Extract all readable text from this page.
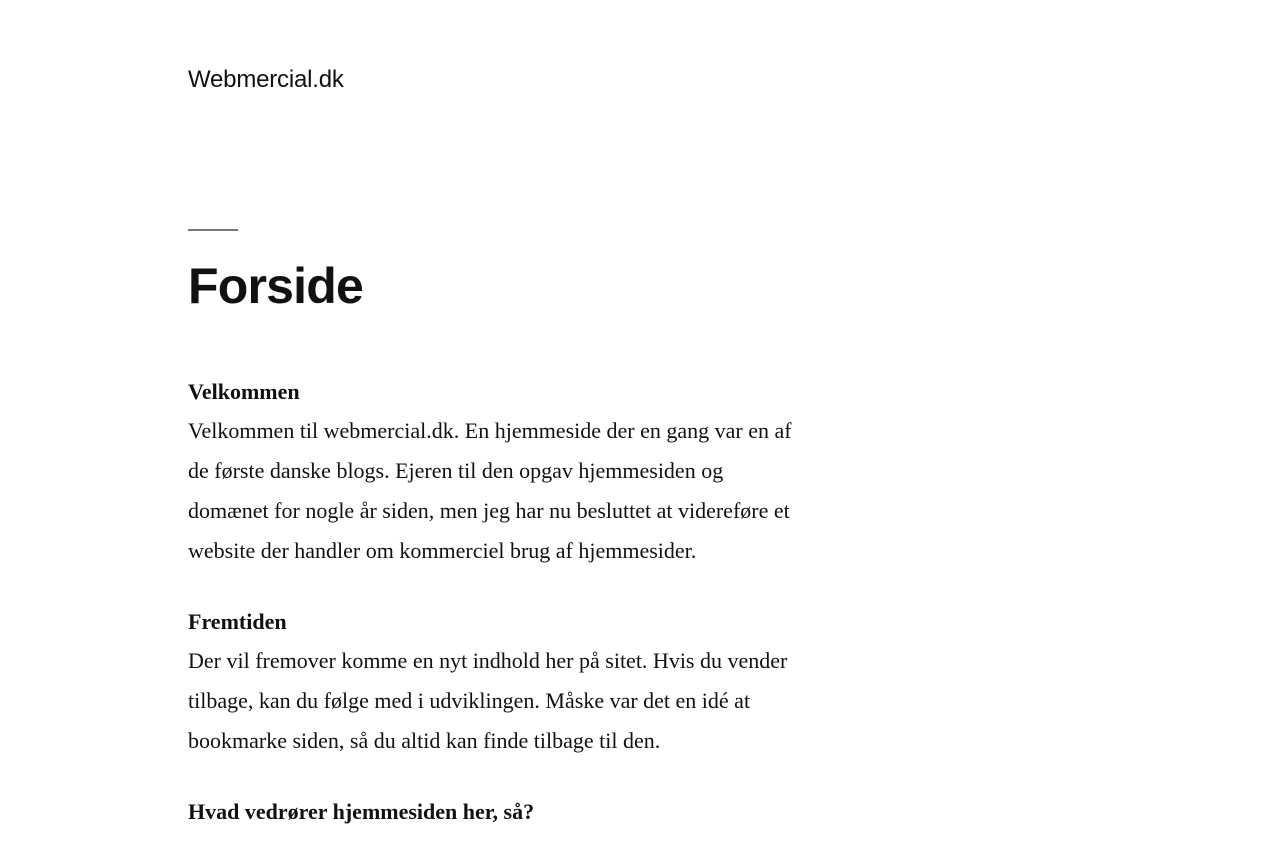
Webmercial.dk
Forside

Velkommen
Velkommen til webmercial.dk. En hjemmeside der en gang var en af de første danske blogs. Ejeren til den opgav hjemmesiden og domænet for nogle år siden, men jeg har nu besluttet at videreføre et website der handler om kommerciel brug af hjemmesider.

Fremtiden
Der vil fremover komme en nyt indhold her på sitet. Hvis du vender tilbage, kan du følge med i udviklingen. Måske var det en idé at bookmarke siden, så du altid kan finde tilbage til den.

Hvad vedrører hjemmesiden her, så?
